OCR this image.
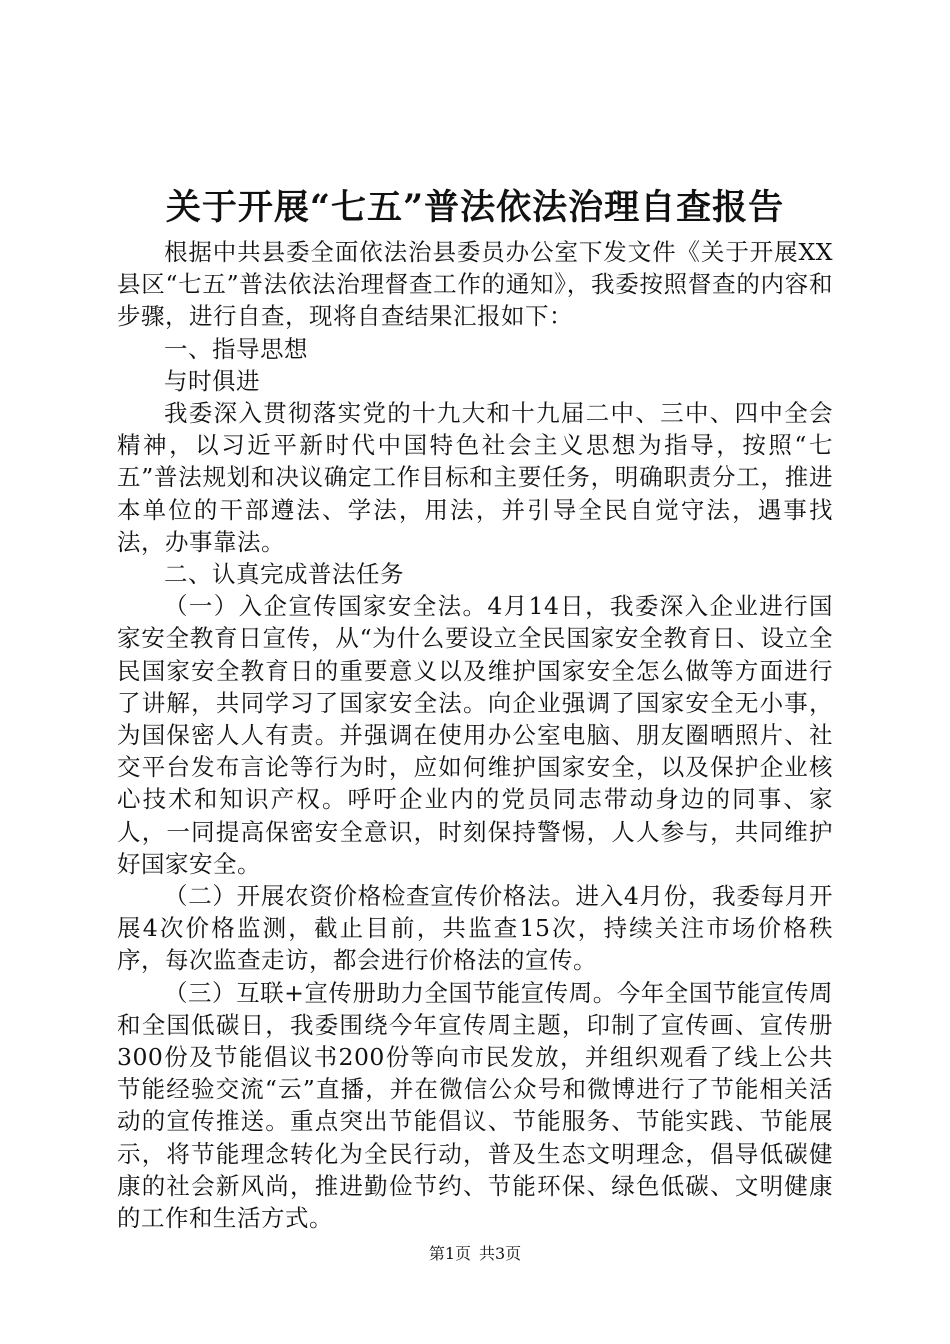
关于开展“七五”普法依法治理自查报告

根据中共县委全面依法治县委员办公室下发文件《关于开展XX县区“七五”普法依法治理督查工作的通知》，我委按照督查的内容和步骤，进行自查，现将自查结果汇报如下：

一、指导思想

与时俱进

我委深入贯彻落实党的十九大和十九届二中、三中、四中全会精神，以习近平新时代中国特色社会主义思想为指导，按照“七五”普法规划和决议确定工作目标和主要任务，明确职责分工，推进本单位的干部遵法、学法，用法，并引导全民自觉守法，遇事找法，办事靠法。

二、认真完成普法任务

（一）入企宣传国家安全法。4月14日，我委深入企业进行国家安全教育日宣传，从“为什么要设立全民国家安全教育日、设立全民国家安全教育日的重要意义以及维护国家安全怎么做等方面进行了讲解，共同学习了国家安全法。向企业强调了国家安全无小事，为国保密人人有责。并强调在使用办公室电脑、朋友圈晒照片、社交平台发布言论等行为时，应如何维护国家安全，以及保护企业核心技术和知识产权。呼吁企业内的党员同志带动身边的同事、家人，一同提高保密安全意识，时刻保持警惕，人人参与，共同维护好国家安全。

（二）开展农资价格检查宣传价格法。进入4月份，我委每月开展4次价格监测，截止目前，共监查15次，持续关注市场价格秩序，每次监查走访，都会进行价格法的宣传。

（三）互联+宣传册助力全国节能宣传周。今年全国节能宣传周和全国低碳日，我委围绕今年宣传周主题，印制了宣传画、宣传册300份及节能倡议书200份等向市民发放，并组织观看了线上公共节能经验交流“云”直播，并在微信公众号和微博进行了节能相关活动的宣传推送。重点突出节能倡议、节能服务、节能实践、节能展示，将节能理念转化为全民行动，普及生态文明理念，倡导低碳健康的社会新风尚，推进勤俭节约、节能环保、绿色低碳、文明健康的工作和生活方式。

第1页 共3页
